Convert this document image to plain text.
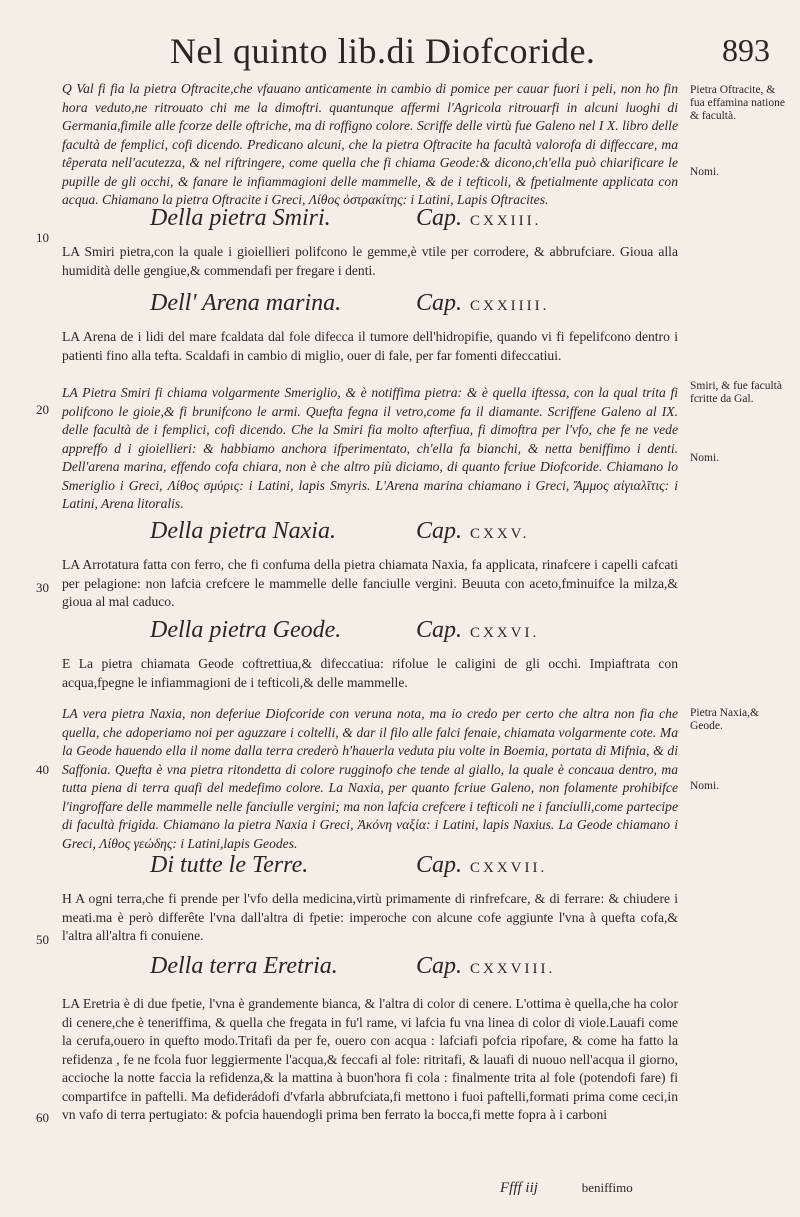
Nel quinto lib.di Diofcoride.	893
10
20
30
40
50
60

Q Val fi fia la pietra Oftracite,che vfauano anticamente in cambio di pomice per cauar fuori i peli, non ho fin hora veduto,ne ritrouato chi me la dimoftri. quantunque affermi l'Agricola ritrouarfi in alcuni luoghi di Germania,fimile alle fcorze delle oftriche, ma di roffigno colore. Scriffe delle virtù fue Galeno nel I X. libro delle facultà de femplici, cofi dicendo. Predicano alcuni, che la pietra Oftracite ha facultà valorofa di diffeccare, ma têperata nell'acutezza, & nel riftringere, come quella che fi chiama Geode:& dicono,ch'ella può chiarificare le pupille de gli occhi, & fanare le infiammagioni delle mammelle, & de i tefticoli, & fpetialmente applicata con acqua. Chiamano la pietra Oftracite i Greci, Λίθος ὀστρακίτης: i Latini, Lapis Oftracites.

Pietra Oftracite, & fua effamina natione & facultà.
Nomi.
Della pietra Smiri.	Cap. CXXIII.

LA Smiri pietra,con la quale i gioiellieri polifcono le gemme,è vtile per corrodere, & abbrufciare. Gioua alla humidità delle gengiue,& commendafi per fregare i denti.

Dell' Arena marina.	Cap. CXXIIII.

LA Arena de i lidi del mare fcaldata dal fole difecca il tumore dell'hidropifie, quando vi fi fepelifcono dentro i patienti fino alla tefta. Scaldafi in cambio di miglio, ouer di fale, per far fomenti difeccatiui.

LA Pietra Smiri fi chiama volgarmente Smeriglio, & è notiffima pietra: & è quella iftessa, con la qual trita fi polifcono le gioie,& fi brunifcono le armi. Quefta fegna il vetro,come fa il diamante. Scriffene Galeno al IX. delle facultà de i femplici, cofi dicendo. Che la Smiri fia molto afterfiua, fi dimoftra per l'vfo, che fe ne vede appreffo d i gioiellieri: & habbiamo anchora ifperimentato, ch'ella fa bianchi, & netta beniffimo i denti. Dell'arena marina, effendo cofa chiara, non è che altro più diciamo, di quanto fcriue Diofcoride. Chiamano lo Smeriglio i Greci, Λίθος σμύρις: i Latini, lapis Smyris. L'Arena marina chiamano i Greci, Ἄμμος αἰγιαλῖτις: i Latini, Arena litoralis.

Smiri, & fue facultà fcritte da Gal.
Nomi.
Della pietra Naxia.	Cap. CXXV.

LA Arrotatura fatta con ferro, che fi confuma della pietra chiamata Naxia, fa applicata, rinafcere i capelli cafcati per pelagione: non lafcia crefcere le mammelle delle fanciulle vergini. Beuuta con aceto,fminuifce la milza,& gioua al mal caduco.

Della pietra Geode.	Cap. CXXVI.

E La pietra chiamata Geode coftrettiua,& difeccatiua: rifolue le caligini de gli occhi. Impiaftrata con acqua,fpegne le infiammagioni de i tefticoli,& delle mammelle.

LA vera pietra Naxia, non deferiue Diofcoride con veruna nota, ma io credo per certo che altra non fia che quella, che adoperiamo noi per aguzzare i coltelli, & dar il filo alle falci fenaie, chiamata volgarmente cote. Ma la Geode hauendo ella il nome dalla terra crederò h'hauerla veduta piu volte in Boemia, portata di Mifnia, & di Saffonia. Quefta è vna pietra ritondetta di colore rugginofo che tende al giallo, la quale è concaua dentro, ma tutta piena di terra quafi del medefimo colore. La Naxia, per quanto fcriue Galeno, non folamente prohibifce l'ingroffare delle mammelle nelle fanciulle vergini; ma non lafcia crefcere i tefticoli ne i fanciulli,come partecipe di facultà frigida. Chiamano la pietra Naxia i Greci, Ἀκόνη ναξία: i Latini, lapis Naxius. La Geode chiamano i Greci, Λίθος γεώδης: i Latini,lapis Geodes.

Pietra Naxia,& Geode.
Nomi.
Di tutte le Terre.	Cap. CXXVII.

H A ogni terra,che fi prende per l'vfo della medicina,virtù primamente di rinfrefcare, & di ferrare: & chiudere i meati.ma è però differête l'vna dall'altra di fpetie: imperoche con alcune cofe aggiunte l'vna à quefta cofa,& l'altra all'altra fi conuiene.

Della terra Eretria.	Cap. CXXVIII.

LA Eretria è di due fpetie, l'vna è grandemente bianca, & l'altra di color di cenere. L'ottima è quella,che ha color di cenere,che è teneriffima, & quella che fregata in fu'l rame, vi lafcia fu vna linea di color di viole.Lauafi come la cerufa,ouero in quefto modo.Tritafi da per fe, ouero con acqua : lafciafi pofcia ripofare, & come ha fatto la refidenza , fe ne fcola fuor leggiermente l'acqua,& feccafi al fole: ritritafi, & lauafi di nuouo nell'acqua il giorno, accioche la notte faccia la refidenza,& la mattina à buon'hora fi cola : finalmente trita al fole (potendofi fare) fi compartifce in paftelli. Ma defiderádofi d'vfarla abbrufciata,fi mettono i fuoi paftelli,formati prima come ceci,in vn vafo di terra pertugiato: & pofcia hauendogli prima ben ferrato la bocca,fi mette fopra à i carboni

Ffff iij	beniffimo
